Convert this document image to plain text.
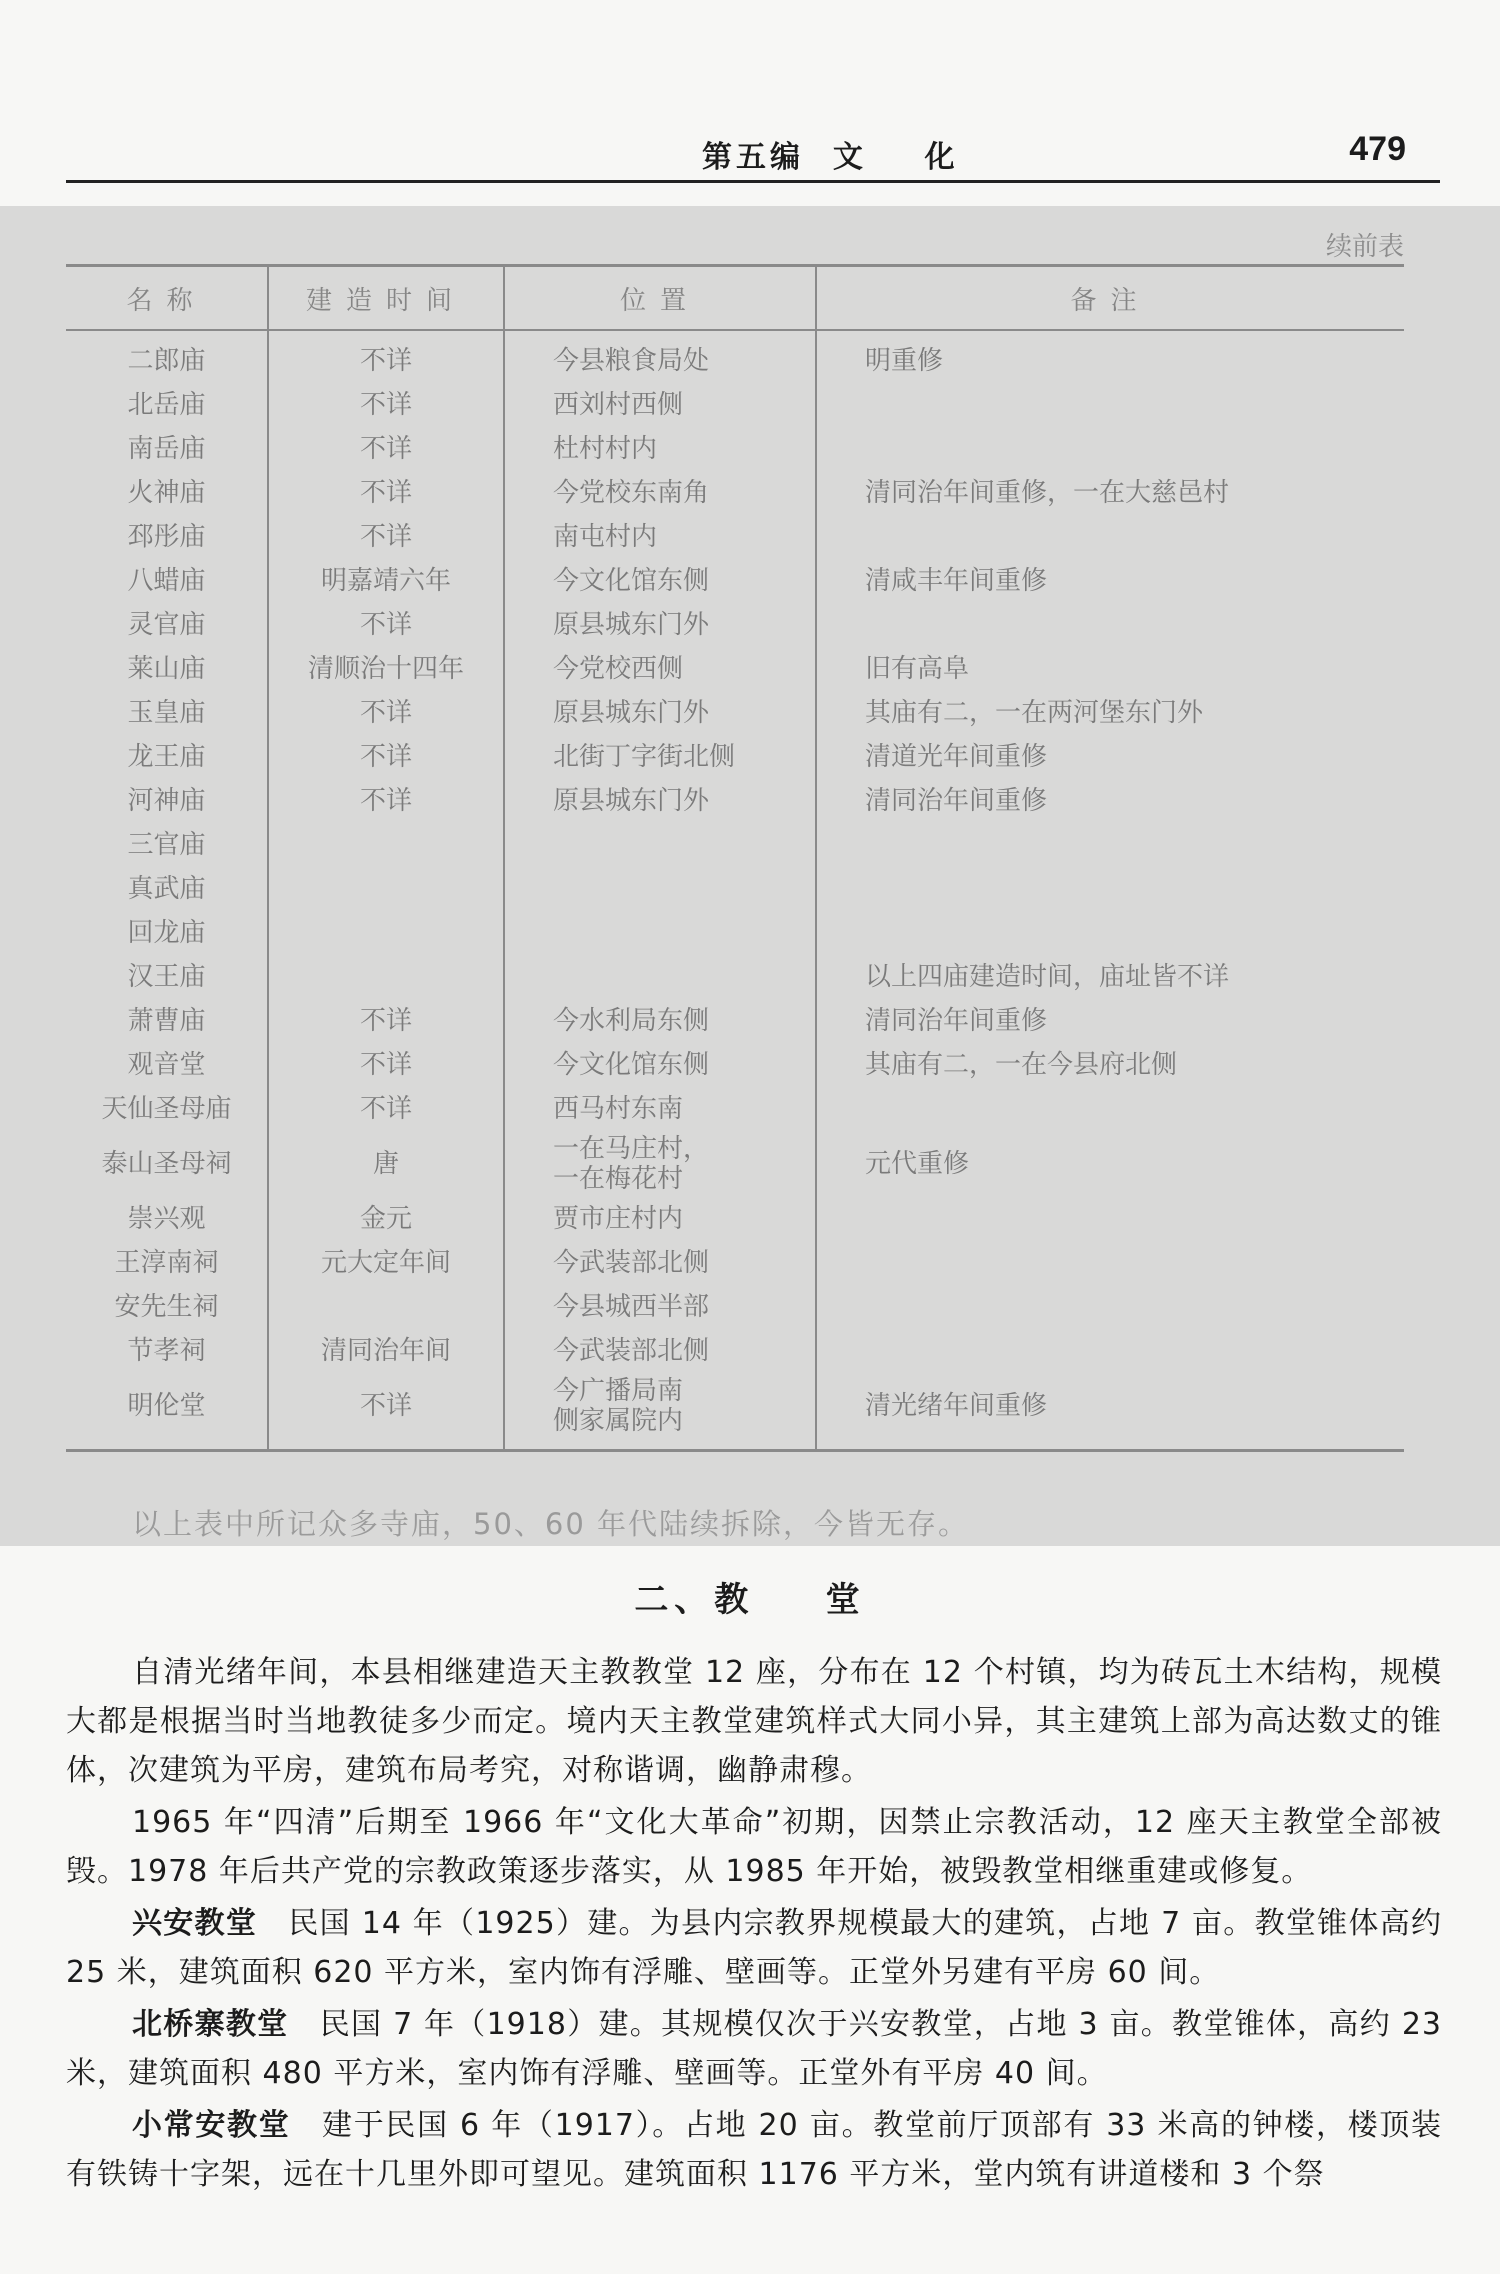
第五编  文    化	479
续前表
名称	建造时间	位置	备注
二郎庙	不详	今县粮食局处	明重修
北岳庙	不详	西刘村西侧	
南岳庙	不详	杜村村内	
火神庙	不详	今党校东南角	清同治年间重修，一在大慈邑村
邳彤庙	不详	南屯村内	
八蜡庙	明嘉靖六年	今文化馆东侧	清咸丰年间重修
灵官庙	不详	原县城东门外	
莱山庙	清顺治十四年	今党校西侧	旧有高阜
玉皇庙	不详	原县城东门外	其庙有二，一在两河堡东门外
龙王庙	不详	北街丁字街北侧	清道光年间重修
河神庙	不详	原县城东门外	清同治年间重修
三官庙			
真武庙			
回龙庙			
汉王庙			以上四庙建造时间，庙址皆不详
萧曹庙	不详	今水利局东侧	清同治年间重修
观音堂	不详	今文化馆东侧	其庙有二，一在今县府北侧
天仙圣母庙	不详	西马村东南	
泰山圣母祠	唐	一在马庄村，
一在梅花村	元代重修
崇兴观	金元	贾市庄村内	
王淳南祠	元大定年间	今武装部北侧	
安先生祠		今县城西半部	
节孝祠	清同治年间	今武装部北侧	
明伦堂	不详	今广播局南
侧家属院内	清光绪年间重修
以上表中所记众多寺庙，50、60 年代陆续拆除，今皆无存。
二、教    堂

自清光绪年间，本县相继建造天主教教堂 12 座，分布在 12 个村镇，均为砖瓦土木结构，规模大都是根据当时当地教徒多少而定。境内天主教堂建筑样式大同小异，其主建筑上部为高达数丈的锥体，次建筑为平房，建筑布局考究，对称谐调，幽静肃穆。

1965 年“四清”后期至 1966 年“文化大革命”初期，因禁止宗教活动，12 座天主教堂全部被毁。1978 年后共产党的宗教政策逐步落实，从 1985 年开始，被毁教堂相继重建或修复。

兴安教堂　民国 14 年（1925）建。为县内宗教界规模最大的建筑，占地 7 亩。教堂锥体高约 25 米，建筑面积 620 平方米，室内饰有浮雕、壁画等。正堂外另建有平房 60 间。

北桥寨教堂　民国 7 年（1918）建。其规模仅次于兴安教堂，占地 3 亩。教堂锥体，高约 23 米，建筑面积 480 平方米，室内饰有浮雕、壁画等。正堂外有平房 40 间。

小常安教堂　建于民国 6 年（1917）。占地 20 亩。教堂前厅顶部有 33 米高的钟楼，楼顶装有铁铸十字架，远在十几里外即可望见。建筑面积 1176 平方米，堂内筑有讲道楼和 3 个祭
